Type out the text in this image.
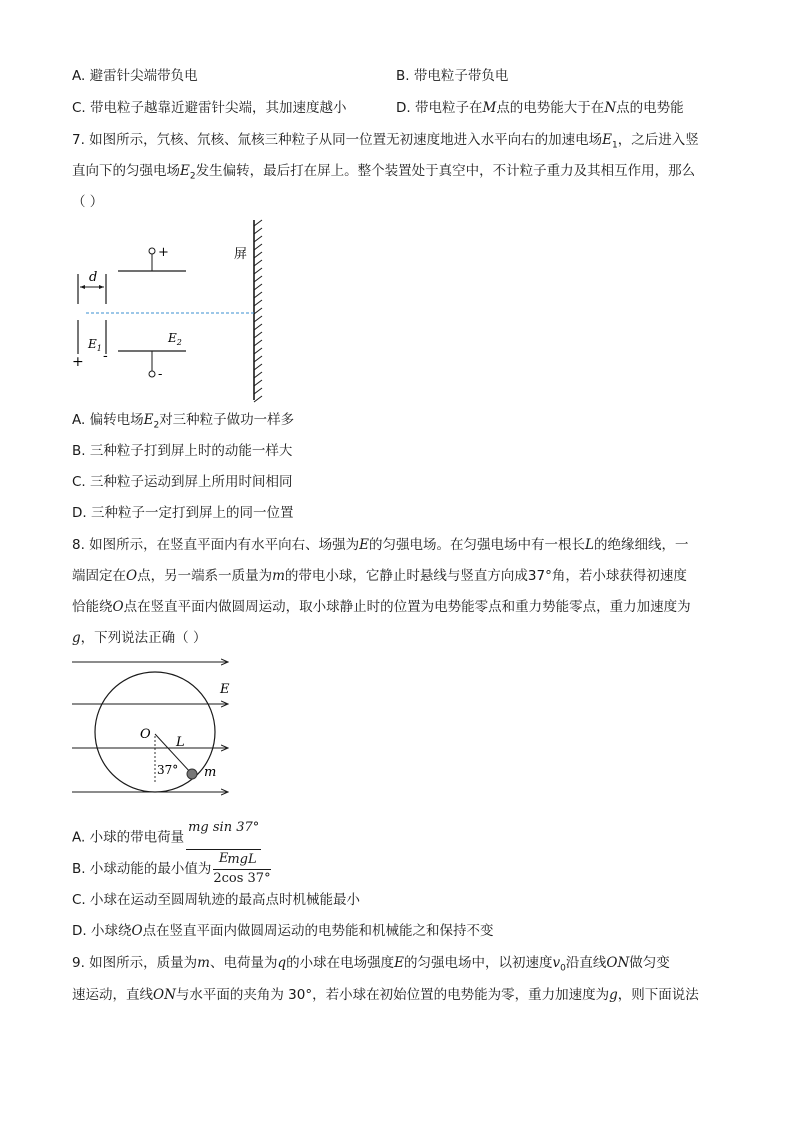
A. 避雷针尖端带负电	B. 带电粒子带负电
C. 带电粒子越靠近避雷针尖端，其加速度越小	D. 带电粒子在M点的电势能大于在N点的电势能
7. 如图所示，氕核、氘核、氚核三种粒子从同一位置无初速度地进入水平向右的加速电场$E_1$，之后进入竖
直向下的匀强电场$E_2$发生偏转，最后打在屏上。整个装置处于真空中，不计粒子重力及其相互作用，那么
（ ）
屏
+
-
d
$E_1$
$E_2$
+ -
A. 偏转电场$E_2$对三种粒子做功一样多
B. 三种粒子打到屏上时的动能一样大
C. 三种粒子运动到屏上所用时间相同
D. 三种粒子一定打到屏上的同一位置
8. 如图所示，在竖直平面内有水平向右、场强为E的匀强电场。在匀强电场中有一根长L的绝缘细线，一
端固定在O点，另一端系一质量为m的带电小球，它静止时悬线与竖直方向成37°角，若小球获得初速度
恰能绕O点在竖直平面内做圆周运动，取小球静止时的位置为电势能零点和重力势能零点，重力加速度为
g，下列说法正确（ ）
E
O
L
37° m
A. 小球的带电荷量 $\frac{\text{mg sin 37°}}{E}$
B. 小球动能的最小值为 $\frac{\text{mgL}}{2\cos 37^\circ}$
C. 小球在运动至圆周轨迹的最高点时机械能最小
D. 小球绕O点在竖直平面内做圆周运动的电势能和机械能之和保持不变
9. 如图所示，质量为m、电荷量为q的小球在电场强度E的匀强电场中，以初速度$v_0$沿直线ON做匀变
速运动，直线ON与水平面的夹角为 30°，若小球在初始位置的电势能为零，重力加速度为g，则下面说法
